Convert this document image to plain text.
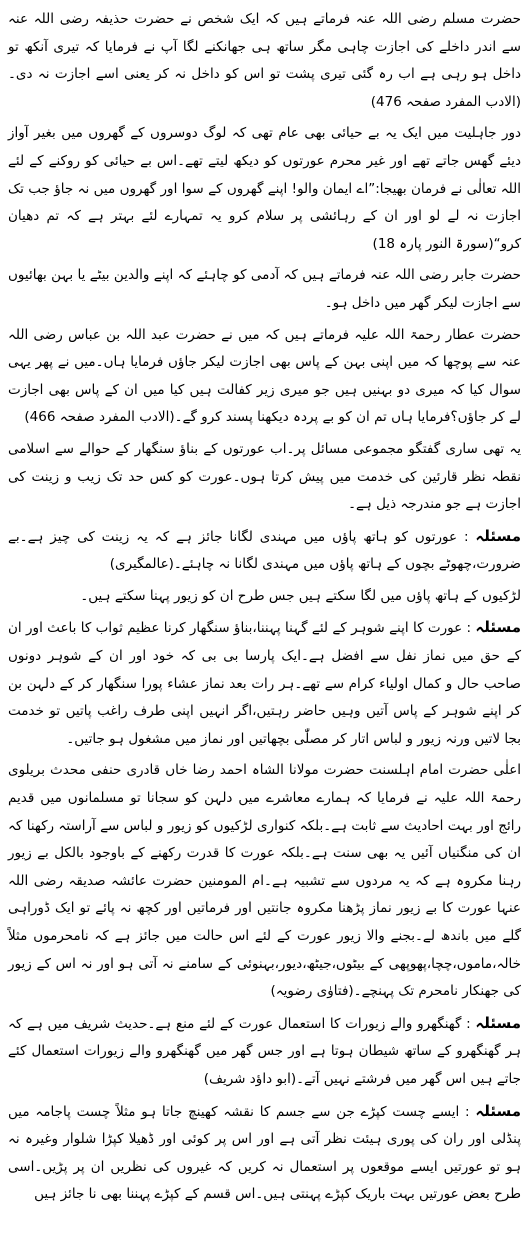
حضرت مسلم رضی اللہ عنہ فرماتے ہیں کہ ایک شخص نے حضرت حذیفہ رضی اللہ عنہ سے اندر داخلے کی اجازت چاہی مگر ساتھ ہی جھانکنے لگا آپ نے فرمایا کہ تیری آنکھ تو داخل ہو رہی ہے اب رہ گئی تیری پشت تو اس کو داخل نہ کر یعنی اسے اجازت نہ دی۔(الادب المفرد صفحہ 476)

دور جاہلیت میں ایک یہ بے حیائی بھی عام تھی کہ لوگ دوسروں کے گھروں میں بغیر آواز دیئے گھس جاتے تھے اور غیر محرم عورتوں کو دیکھ لیتے تھے۔اس بے حیائی کو روکنے کے لئے اللہ تعالٰی نے فرمان بھیجا:”اے ایمان والو! اپنے گھروں کے سوا اور گھروں میں نہ جاؤ جب تک اجازت نہ لے لو اور ان کے رہائشی پر سلام کرو یہ تمہارے لئے بہتر ہے کہ تم دھیان کرو“(سورۃ النور پارہ 18)

حضرت جابر رضی اللہ عنہ فرماتے ہیں کہ آدمی کو چاہئے کہ اپنے والدین بیٹے یا بہن بھائیوں سے اجازت لیکر گھر میں داخل ہو۔

حضرت عطار رحمۃ اللہ علیہ فرماتے ہیں کہ میں نے حضرت عبد اللہ بن عباس رضی اللہ عنہ سے پوچھا کہ میں اپنی بہن کے پاس بھی اجازت لیکر جاؤں فرمایا ہاں۔میں نے پھر یہی سوال کیا کہ میری دو بہنیں ہیں جو میری زیر کفالت ہیں کیا میں ان کے پاس بھی اجازت لے کر جاؤں؟فرمایا ہاں تم ان کو بے پردہ دیکھنا پسند کرو گے۔(الادب المفرد صفحہ 466)

یہ تھی ساری گفتگو مجموعی مسائل پر۔اب عورتوں کے بناؤ سنگھار کے حوالے سے اسلامی نقطہ نظر قارئین کی خدمت میں پیش کرتا ہوں۔عورت کو کس حد تک زیب و زینت کی اجازت ہے جو مندرجہ ذیل ہے۔

مسئلہ : عورتوں کو ہاتھ پاؤں میں مہندی لگانا جائز ہے کہ یہ زینت کی چیز ہے۔بے ضرورت،چھوٹے بچوں کے ہاتھ پاؤں میں مہندی لگانا نہ چاہئے۔(عالمگیری)

لڑکیوں کے ہاتھ پاؤں میں لگا سکتے ہیں جس طرح ان کو زیور پہنا سکتے ہیں۔

مسئلہ : عورت کا اپنے شوہر کے لئے گہنا پہننا،بناؤ سنگھار کرنا عظیم ثواب کا باعث اور ان کے حق میں نماز نفل سے افضل ہے۔ایک پارسا بی بی کہ خود اور ان کے شوہر دونوں صاحب حال و کمال اولیاء کرام سے تھے۔ہر رات بعد نماز عشاء پورا سنگھار کر کے دلہن بن کر اپنے شوہر کے پاس آتیں وہیں حاضر رہتیں،اگر انہیں اپنی طرف راغب پاتیں تو خدمت بجا لاتیں ورنہ زیور و لباس اتار کر مصلّٰی بچھاتیں اور نماز میں مشغول ہو جاتیں۔

اعلٰی حضرت امام اہلسنت حضرت مولانا الشاہ احمد رضا خاں قادری حنفی محدث بریلوی رحمۃ اللہ علیہ نے فرمایا کہ ہمارے معاشرے میں دلہن کو سجانا تو مسلمانوں میں قدیم رائج اور بہت احادیث سے ثابت ہے۔بلکہ کنواری لڑکیوں کو زیور و لباس سے آراستہ رکھنا کہ ان کی منگنیاں آئیں یہ بھی سنت ہے۔بلکہ عورت کا قدرت رکھنے کے باوجود بالکل بے زیور رہنا مکروہ ہے کہ یہ مردوں سے تشبیہ ہے۔ام المومنین حضرت عائشہ صدیقہ رضی اللہ عنہا عورت کا بے زیور نماز پڑھنا مکروہ جانتیں اور فرماتیں اور کچھ نہ پائے تو ایک ڈوراہی گلے میں باندھ لے۔بجنے والا زیور عورت کے لئے اس حالت میں جائز ہے کہ نامحرموں مثلاً خالہ،ماموں،چچا،پھوپھی کے بیٹوں،جیٹھ،دیور،بہنوئی کے سامنے نہ آتی ہو اور نہ اس کے زیور کی جھنکار نامحرم تک پہنچے۔(فتاوٰی رضویہ)

مسئلہ : گھنگھرو والے زیورات کا استعمال عورت کے لئے منع ہے۔حدیث شریف میں ہے کہ ہر گھنگھرو کے ساتھ شیطان ہوتا ہے اور جس گھر میں گھنگھرو والے زیورات استعمال کئے جاتے ہیں اس گھر میں فرشتے نہیں آتے۔(ابو داؤد شریف)

مسئلہ : ایسے چست کپڑے جن سے جسم کا نقشہ کھینچ جاتا ہو مثلاً چست پاجامہ میں پنڈلی اور ران کی پوری ہیئت نظر آتی ہے اور اس پر کوئی اور ڈھیلا کپڑا شلوار وغیرہ نہ ہو تو عورتیں ایسے موقعوں پر استعمال نہ کریں کہ غیروں کی نظریں ان پر پڑیں۔اسی طرح بعض عورتیں بہت باریک کپڑے پہنتی ہیں۔اس قسم کے کپڑے پہننا بھی نا جائز ہیں
